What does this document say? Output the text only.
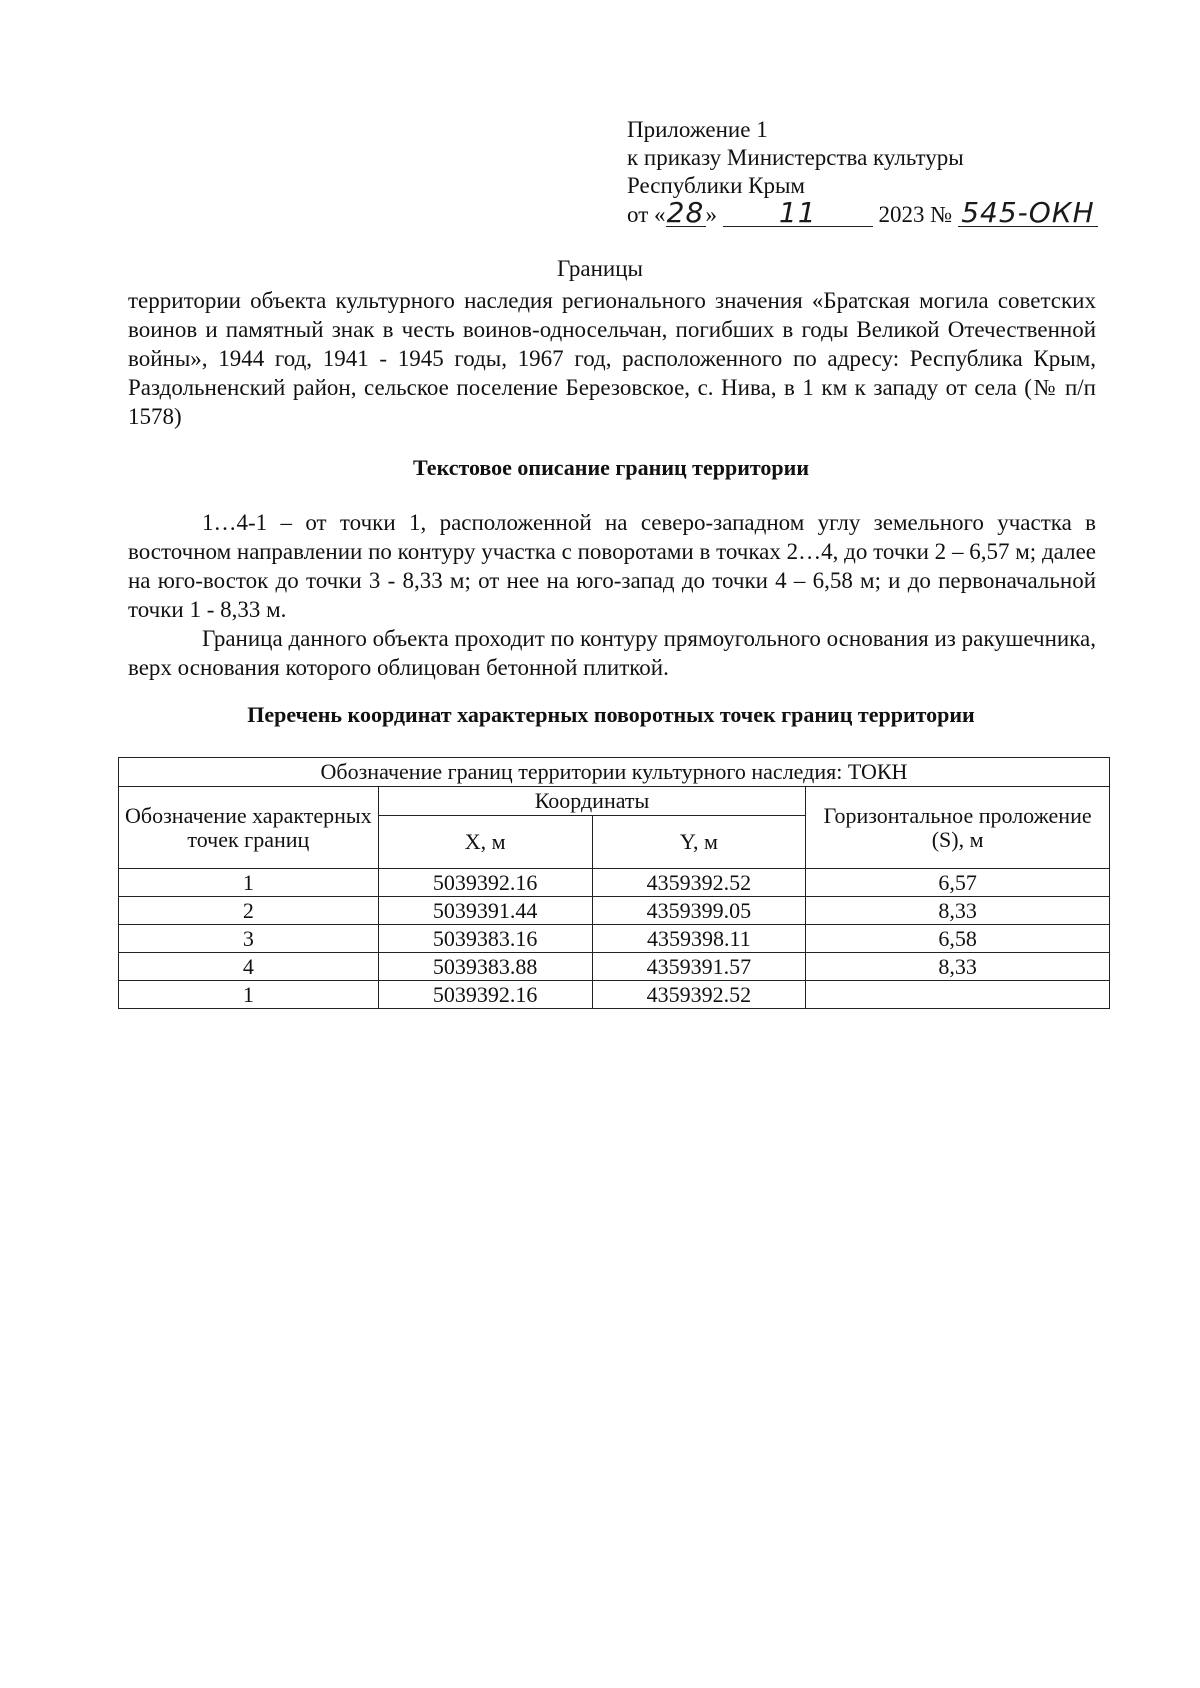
Приложение 1
к приказу Министерства культуры
Республики Крым
от «28» 11	2023 № 545-ОКН
Границы

территории объекта культурного наследия регионального значения «Братская могила советских воинов и памятный знак в честь воинов-односельчан, погибших в годы Великой Отечественной войны», 1944 год, 1941 - 1945 годы, 1967 год, расположенного по адресу: Республика Крым, Раздольненский район, сельское поселение Березовское, с. Нива, в 1 км к западу от села (№ п/п 1578)

Текстовое описание границ территории

1…4-1 – от точки 1, расположенной на северо-западном углу земельного участка в восточном направлении по контуру участка с поворотами в точках 2…4, до точки 2 – 6,57 м; далее на юго-восток до точки 3 - 8,33 м; от нее на юго-запад до точки 4 – 6,58 м; и до первоначальной точки 1 - 8,33 м.

Граница данного объекта проходит по контуру прямоугольного основания из ракушечника, верх основания которого облицован бетонной плиткой.

Перечень координат характерных поворотных точек границ территории
Обозначение границ территории культурного наследия: ТОКН			
Обозначение характерных точек границ	Координаты		Горизонтальное проложение (S), м
	X, м	Y, м	
1	5039392.16	4359392.52	6,57
2	5039391.44	4359399.05	8,33
3	5039383.16	4359398.11	6,58
4	5039383.88	4359391.57	8,33
1	5039392.16	4359392.52	
